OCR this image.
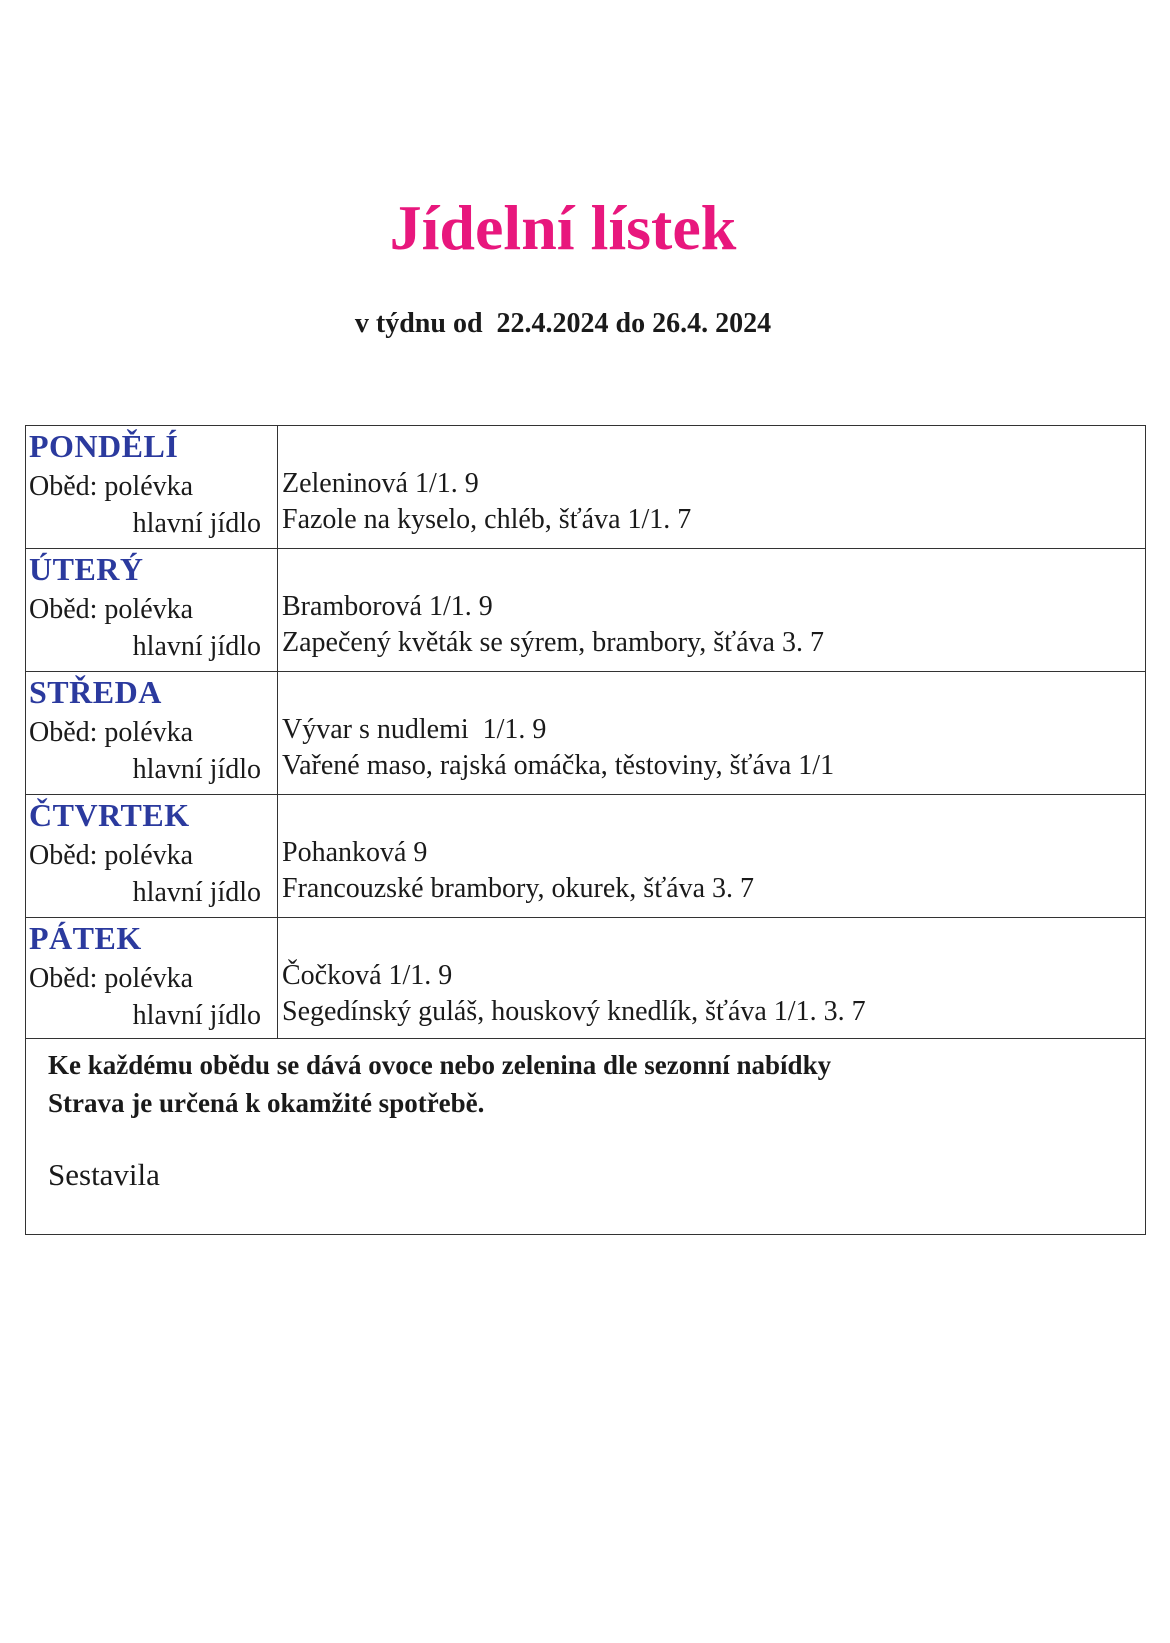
Jídelní lístek

v týdnu od  22.4.2024 do 26.4. 2024

PONDĚLÍ
Oběd: polévka
hlavní jídlo
Zeleninová 1/1. 9
Fazole na kyselo, chléb, šťáva 1/1. 7
ÚTERÝ
Oběd: polévka
hlavní jídlo
Bramborová 1/1. 9
Zapečený květák se sýrem, brambory, šťáva 3. 7
STŘEDA
Oběd: polévka
hlavní jídlo
Vývar s nudlemi  1/1. 9
Vařené maso, rajská omáčka, těstoviny, šťáva 1/1
ČTVRTEK
Oběd: polévka
hlavní jídlo
Pohanková 9
Francouzské brambory, okurek, šťáva 3. 7
PÁTEK
Oběd: polévka
hlavní jídlo
Čočková 1/1. 9
Segedínský guláš, houskový knedlík, šťáva 1/1. 3. 7
Ke každému obědu se dává ovoce nebo zelenina dle sezonní nabídky
Strava je určená k okamžité spotřebě.
Sestavila
